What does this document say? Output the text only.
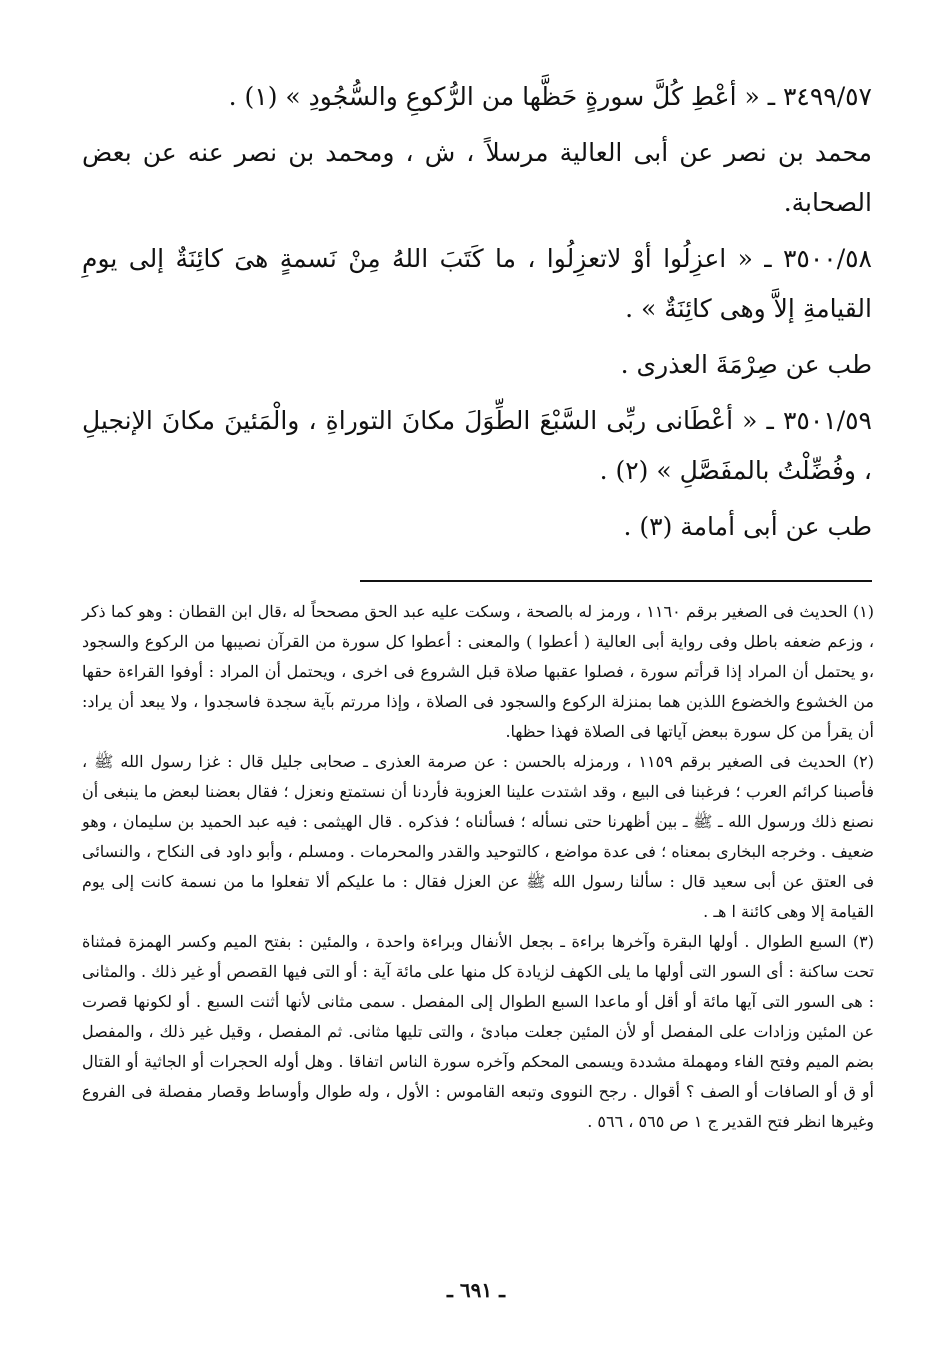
٣٤٩٩/٥٧ ـ « أعْطِ كُلَّ سورةٍ حَظَّها من الرُّكوعِ والسُّجُودِ » (١) .

محمد بن نصر عن أبى العالية مرسلاً ، ش ، ومحمد بن نصر عنه عن بعض الصحابة.

٣٥٠٠/٥٨ ـ « اعزِلُوا أوْ لاتعزِلُوا ، ما كَتَبَ اللهُ مِنْ نَسمةٍ هىَ كائِنَةٌ إلى يومِ القيامةِ إلاَّ وهى كائِنَةٌ » .

طب عن صِرْمَةَ العذرى .

٣٥٠١/٥٩ ـ « أعْطَانى ربِّى السَّبْعَ الطِّوَلَ مكانَ التوراةِ ، والْمَئينَ مكانَ الإنجيلِ ، وفُضِّلْتُ بالمفَصَّلِ » (٢) .

طب عن أبى أمامة (٣) .

(١) الحديث فى الصغير برقم ١١٦٠ ، ورمز له بالصحة ، وسكت عليه عبد الحق مصححاً له ،قال ابن القطان : وهو كما ذكر ، وزعم ضعفه باطل وفى رواية أبى العالية ( أعطوا ) والمعنى : أعطوا كل سورة من القرآن نصيبها من الركوع والسجود ،و يحتمل أن المراد إذا قرأتم سورة ، فصلوا عقبها صلاة قبل الشروع فى اخرى ، ويحتمل أن المراد : أوفوا القراءة حقها من الخشوع والخضوع اللذين هما بمنزلة الركوع والسجود فى الصلاة ، وإذا مررتم بآية سجدة فاسجدوا ، ولا يبعد أن يراد: أن يقرأ من كل سورة ببعض آياتها فى الصلاة فهذا حظها.

(٢) الحديث فى الصغير برقم ١١٥٩ ، ورمزله بالحسن : عن صرمة العذرى ـ صحابى جليل قال : غزا رسول الله ﷺ ، فأصبنا كرائم العرب ؛ فرغبنا فى البيع ، وقد اشتدت علينا العزوبة فأردنا أن نستمتع ونعزل ؛ فقال بعضنا لبعض ما ينبغى أن نصنع ذلك ورسول الله ـ ﷺ ـ بين أظهرنا حتى نسأله ؛ فسألناه ؛ فذكره . قال الهيثمى : فيه عبد الحميد بن سليمان ، وهو ضعيف . وخرجه البخارى بمعناه ؛ فى عدة مواضع ، كالتوحيد والقدر والمحرمات . ومسلم ، وأبو داود فى النكاح ، والنسائى فى العتق عن أبى سعيد قال : سألنا رسول الله ﷺ عن العزل فقال : ما عليكم ألا تفعلوا ما من نسمة كانت إلى يوم القيامة إلا وهى كائنة ا هـ .

(٣) السبع الطوال . أولها البقرة وآخرها براءة ـ بجعل الأنفال وبراءة واحدة ، والمئين : بفتح الميم وكسر الهمزة فمثناة تحت ساكنة : أى السور التى أولها ما يلى الكهف لزيادة كل منها على مائة آية : أو التى فيها القصص أو غير ذلك . والمثانى : هى السور التى آيها مائة أو أقل أو ماعدا السبع الطوال إلى المفصل . سمى مثانى لأنها أثنت السبع . أو لكونها قصرت عن المئين وزادات على المفصل أو لأن المئين جعلت مبادئ ، والتى تليها مثانى. ثم المفصل ، وقيل غير ذلك ، والمفصل بضم الميم وفتح الفاء ومهملة مشددة ويسمى المحكم وآخره سورة الناس اتفاقا . وهل أوله الحجرات أو الجاثية أو القتال أو ق أو الصافات أو الصف ؟ أقوال . رجح النووى وتبعه القاموس : الأول ، وله طوال وأوساط وقصار مفصلة فى الفروع وغيرها انظر فتح القدير ج ١ ص ٥٦٥ ، ٥٦٦ .

ـ ٦٩١ ـ
